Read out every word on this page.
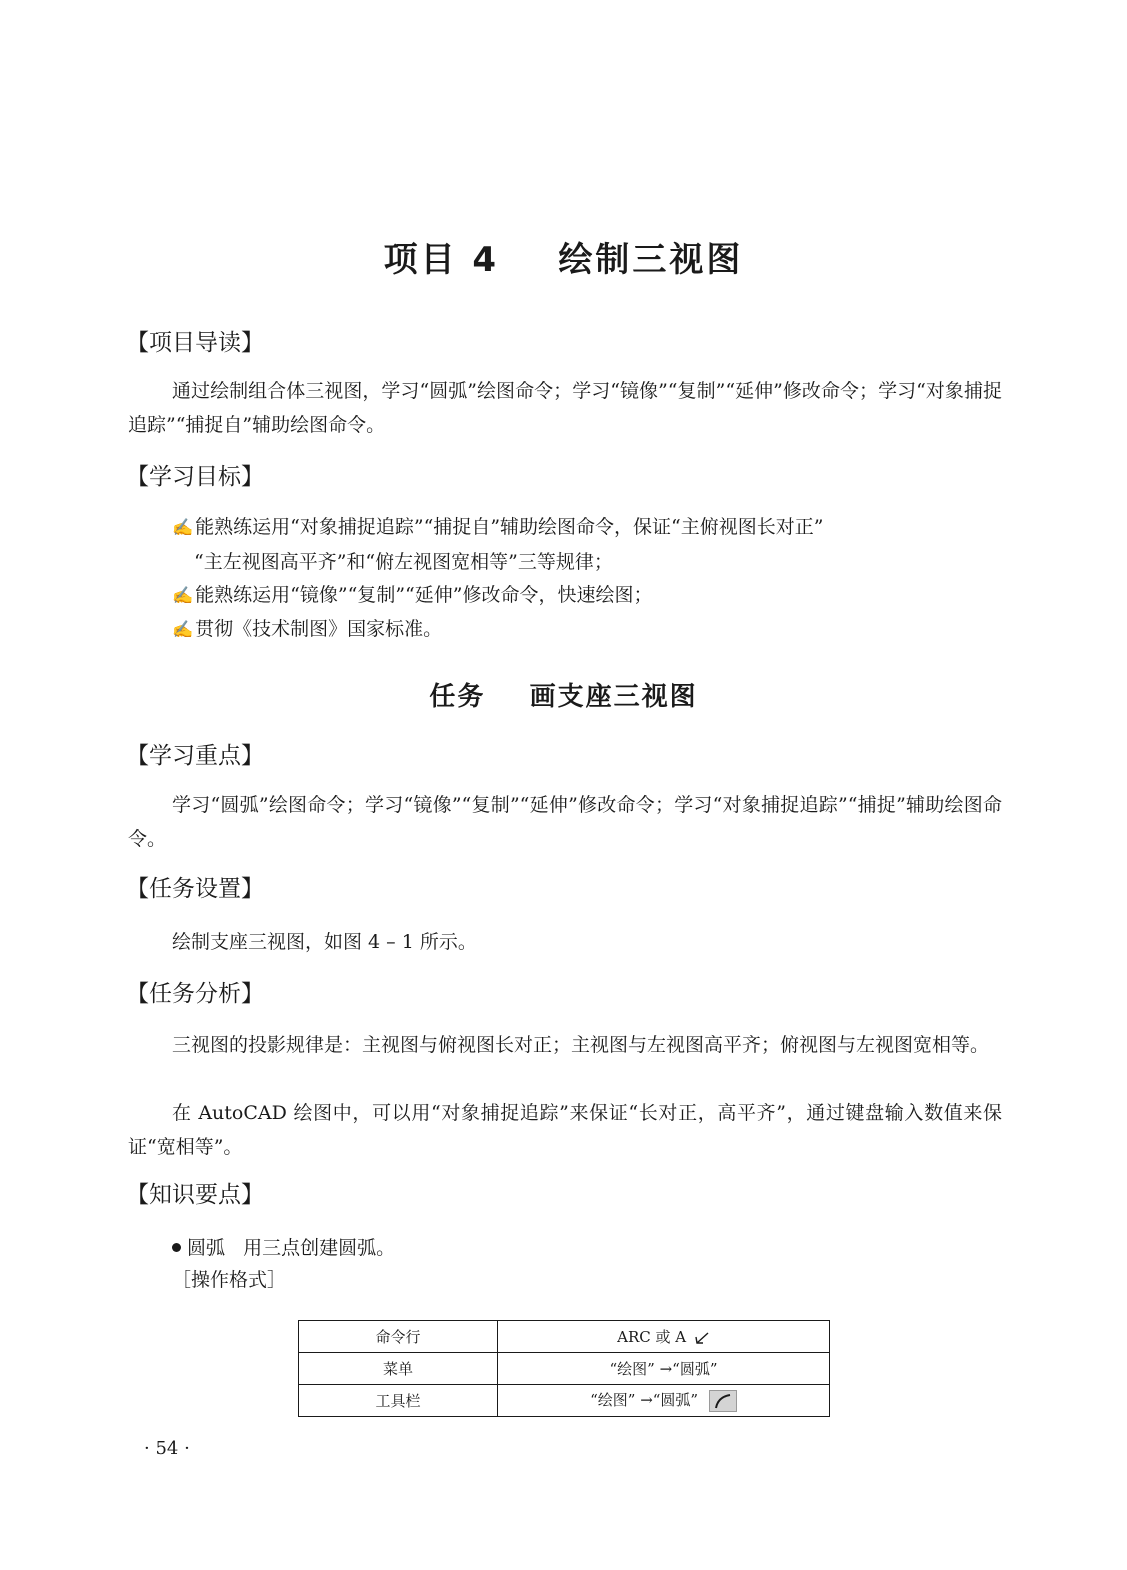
项目 4    绘制三视图
【项目导读】
通过绘制组合体三视图，学习“圆弧”绘图命令；学习“镜像”“复制”“延伸”修改命令；学习“对象捕捉追踪”“捕捉自”辅助绘图命令。
【学习目标】
✍ 能熟练运用“对象捕捉追踪”“捕捉自”辅助绘图命令，保证“主俯视图长对正”
“主左视图高平齐”和“俯左视图宽相等”三等规律；
✍ 能熟练运用“镜像”“复制”“延伸”修改命令，快速绘图；
✍ 贯彻《技术制图》国家标准。
任务    画支座三视图
【学习重点】
学习“圆弧”绘图命令；学习“镜像”“复制”“延伸”修改命令；学习“对象捕捉追踪”“捕捉”辅助绘图命令。
【任务设置】
绘制支座三视图，如图 4 – 1 所示。
【任务分析】
三视图的投影规律是：主视图与俯视图长对正；主视图与左视图高平齐；俯视图与左视图宽相等。
在 AutoCAD 绘图中，可以用“对象捕捉追踪”来保证“长对正，高平齐”，通过键盘输入数值来保证“宽相等”。
【知识要点】
圆弧   用三点创建圆弧。
［操作格式］
命令行	ARC 或 A
菜单	“绘图” →“圆弧”
工具栏	“绘图” →“圆弧”
· 54 ·
